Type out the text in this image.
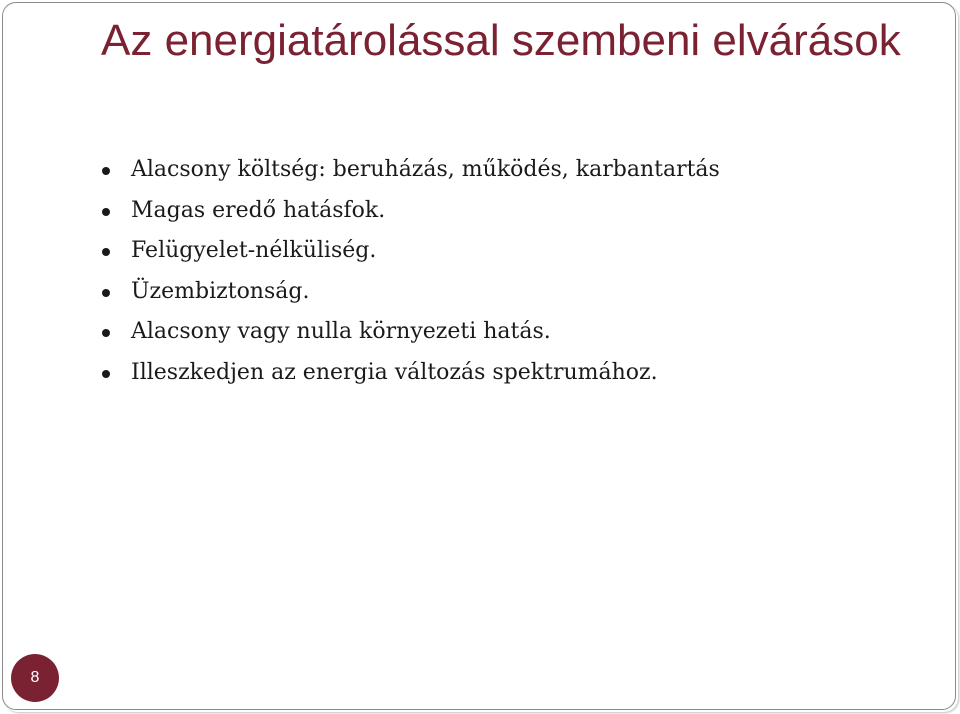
Az energiatárolással szembeni elvárások
Alacsony költség: beruházás, működés, karbantartás
Magas eredő hatásfok.
Felügyelet-nélküliség.
Üzembiztonság.
Alacsony vagy nulla környezeti hatás.
Illeszkedjen az energia változás spektrumához.
8
